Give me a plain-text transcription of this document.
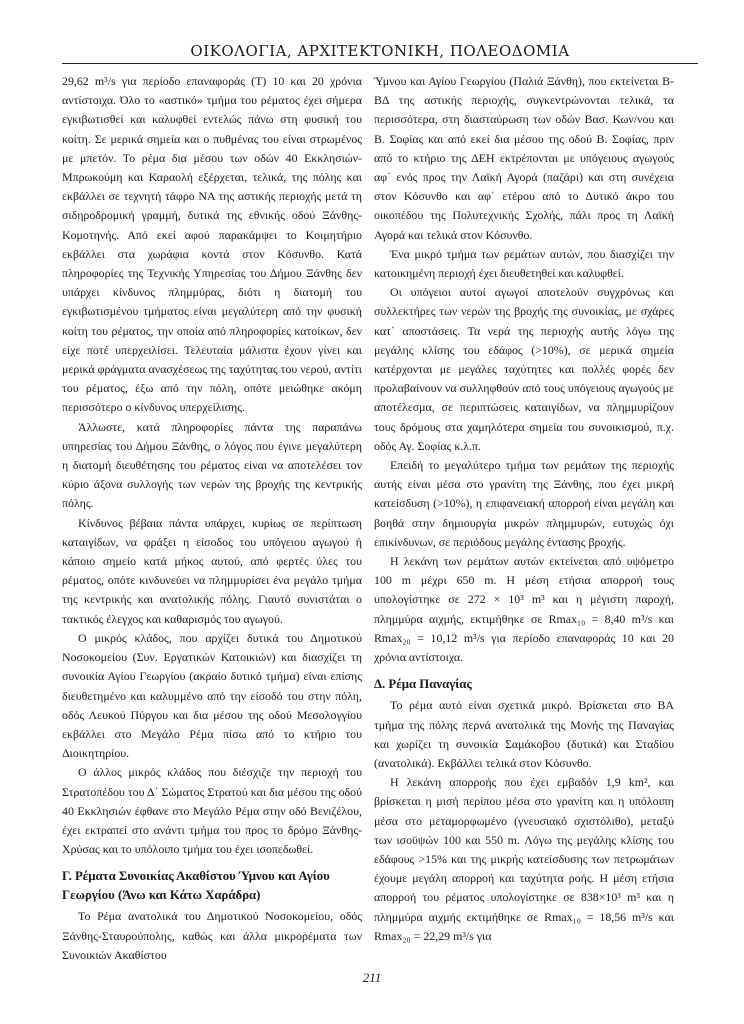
ΟΙΚΟΛΟΓΙΑ, ΑΡΧΙΤΕΚΤΟΝΙΚΗ, ΠΟΛΕΟΔΟΜΙΑ

29,62 m³/s για περίοδο επαναφοράς (Τ) 10 και 20 χρόνια αντίστοιχα. Όλο το «αστικό» τμήμα του ρέματος έχει σήμερα εγκιβωτισθεί και καλυφθεί εντελώς πάνω στη φυσική του κοίτη. Σε μερικά σημεία και ο πυθμένας του είναι στρωμένος με μπετόν. Το ρέμα δια μέσου των οδών 40 Εκκλησιών-Μπρωκούμη και Καραολή εξέρχεται, τελικά, της πόλης και εκβάλλει σε τεχνητή τάφρο ΝΑ της αστικής περιοχής μετά τη σιδηροδρομική γραμμή, δυτικά της εθνικής οδού Ξάνθης-Κομοτηνής. Από εκεί αφού παρακάμψει το Κοιμητήριο εκβάλλει στα χωράφια κοντά στον Κόσυνθο. Κατά πληροφορίες της Τεχνικής Υπηρεσίας του Δήμου Ξάνθης δεν υπάρχει κίνδυνος πλημμύρας, διότι η διατομή του εγκιβωτισμένου τμήματος είναι μεγαλύτερη από την φυσική κοίτη του ρέματος, την οποία από πληροφορίες κατοίκων, δεν είχε ποτέ υπερχειλίσει. Τελευταία μάλιστα έχουν γίνει και μερικά φράγματα ανασχέσεως της ταχύτητας του νερού, αντίτι του ρέματος, έξω από την πόλη, οπότε μειώθηκε ακόμη περισσότερο ο κίνδυνος υπερχείλισης.

Άλλωστε, κατά πληροφορίες πάντα της παραπάνω υπηρεσίας του Δήμου Ξάνθης, ο λόγος που έγινε μεγαλύτερη η διατομή διευθέτησης του ρέματος είναι να αποτελέσει τον κύριο άξονα συλλογής των νερών της βροχής της κεντρικής πόλης.

Κίνδυνος βέβαια πάντα υπάρχει, κυρίως σε περίπτωση καταιγίδων, να φράξει η είσοδος του υπόγειου αγωγού ή κάποιο σημείο κατά μήκος αυτού, από φερτές ύλες του ρέματος, οπότε κινδυνεύει να πλημμυρίσει ένα μεγάλο τμήμα της κεντρικής και ανατολικής πόλης. Γιαυτό συνιστάται ο τακτικός έλεγχος και καθαρισμός του αγωγού.

Ο μικρός κλάδος, που αρχίζει δυτικά του Δημοτικού Νοσοκομείου (Συν. Εργατικών Κατοικιών) και διασχίζει τη συνοικία Αγίου Γεωργίου (ακραίο δυτικό τμήμα) είναι επίσης διευθετημένο και καλυμμένο από την είσοδό του στην πόλη, οδός Λευκού Πύργου και δια μέσου της οδού Μεσολογγίου εκβάλλει στο Μεγάλο Ρέμα πίσω από το κτήριο του Διοικητηρίου.

Ο άλλος μικρός κλάδος που διέσχιζε την περιοχή του Στρατοπέδου του Δ΄ Σώματος Στρατού και δια μέσου της οδού 40 Εκκλησιών έφθανε στο Μεγάλο Ρέμα στην οδό Βενιζέλου, έχει εκτραπεί στο ανάντι τμήμα του προς το δρόμο Ξάνθης-Χρύσας και το υπόλοιπο τμήμα του έχει ισοπεδωθεί.

Γ. Ρέματα Συνοικίας Ακαθίστου Ύμνου και Αγίου Γεωργίου (Άνω και Κάτω Χαράδρα)

Το Ρέμα ανατολικά του Δημοτικού Νοσοκομείου, οδός Ξάνθης-Σταυρούπολης, καθώς και άλλα μικρορέματα των Συνοικιών Ακαθίστου

Ύμνου και Αγίου Γεωργίου (Παλιά Ξάνθη), που εκτείνεται Β-ΒΔ της αστικής περιοχής, συγκεντρώνονται τελικά, τα περισσότερα, στη διασταύρωση των οδών Βασ. Κων/νου και Β. Σοφίας και από εκεί δια μέσου της οδού Β. Σοφίας, πριν από το κτήριο της ΔΕΗ εκτρέπονται με υπόγειους αγωγούς αφ΄ ενός προς την Λαϊκή Αγορά (παζάρι) και στη συνέχεια στον Κόσυνθο και αφ΄ ετέρου από το Δυτικό άκρο του οικοπέδου της Πολυτεχνικής Σχολής, πάλι προς τη Λαϊκή Αγορά και τελικά στον Κόσυνθο.

Ένα μικρό τμήμα των ρεμάτων αυτών, που διασχίζει την κατοικημένη περιοχή έχει διευθετηθεί και καλυφθεί.

Οι υπόγειοι αυτοί αγωγοί αποτελούν συγχρόνως και συλλεκτήρες των νερών της βροχής της συνοικίας, με σχάρες κατ΄ αποστάσεις. Τα νερά της περιοχής αυτής λόγω της μεγάλης κλίσης του εδάφος (>10%), σε μερικά σημεία κατέρχονται με μεγάλες ταχύτητες και πολλές φορές δεν προλαβαίνουν να συλληφθούν από τους υπόγειους αγωγούς με αποτέλεσμα, σε περιπτώσεις καταιγίδων, να πλημμυρίζουν τους δρόμους στα χαμηλότερα σημεία του συνοικισμού, π.χ. οδός Αγ. Σοφίας κ.λ.π.

Επειδή το μεγαλύτερο τμήμα των ρεμάτων της περιοχής αυτής είναι μέσα στο γρανίτη της Ξάνθης, που έχει μικρή κατείσδυση (>10%), η επιφανειακή απορροή είναι μεγάλη και βοηθά στην δημιουργία μικρών πλημμυρών, ευτυχώς όχι επικίνδυνων, σε περιόδους μεγάλης έντασης βροχής.

Η λεκάνη των ρεμάτων αυτών εκτείνεται από υψόμετρο 100 m μέχρι 650 m. Η μέση ετήσια απορροή τους υπολογίστηκε σε 272 × 10³ m³ και η μέγιστη παροχή, πλημμύρα αιχμής, εκτιμήθηκε σε Rmax₁₀ = 8,40 m³/s και Rmax₂₀ = 10,12 m³/s για περίοδο επαναφοράς 10 και 20 χρόνια αντίστοιχα.

Δ. Ρέμα Παναγίας

Το ρέμα αυτό είναι σχετικά μικρό. Βρίσκεται στο ΒΑ τμήμα της πόλης περνά ανατολικά της Μονής της Παναγίας και χωρίζει τη συνοικία Σαμάκοβου (δυτικά) και Σταδίου (ανατολικά). Εκβάλλει τελικά στον Κόσυνθο.

Η λεκάνη απορροής που έχει εμβαδόν 1,9 km², και βρίσκεται η μισή περίπου μέσα στο γρανίτη και η υπόλοιπη μέσα στο μεταμορφωμένο (γνευσιακό σχιστόλιθο), μεταξύ των ισοϋψών 100 και 550 m. Λόγω της μεγάλης κλίσης του εδάφους >15% και της μικρής κατείσδυσης των πετρωμάτων έχουμε μεγάλη απορροή και ταχύτητα ροής. Η μέση ετήσια απορροή του ρέματος υπολογίστηκε σε 838×10³ m³ και η πλημμύρα αιχμής εκτιμήθηκε σε Rmax₁₀ = 18,56 m³/s και Rmax₂₀ = 22,29 m³/s για

211
